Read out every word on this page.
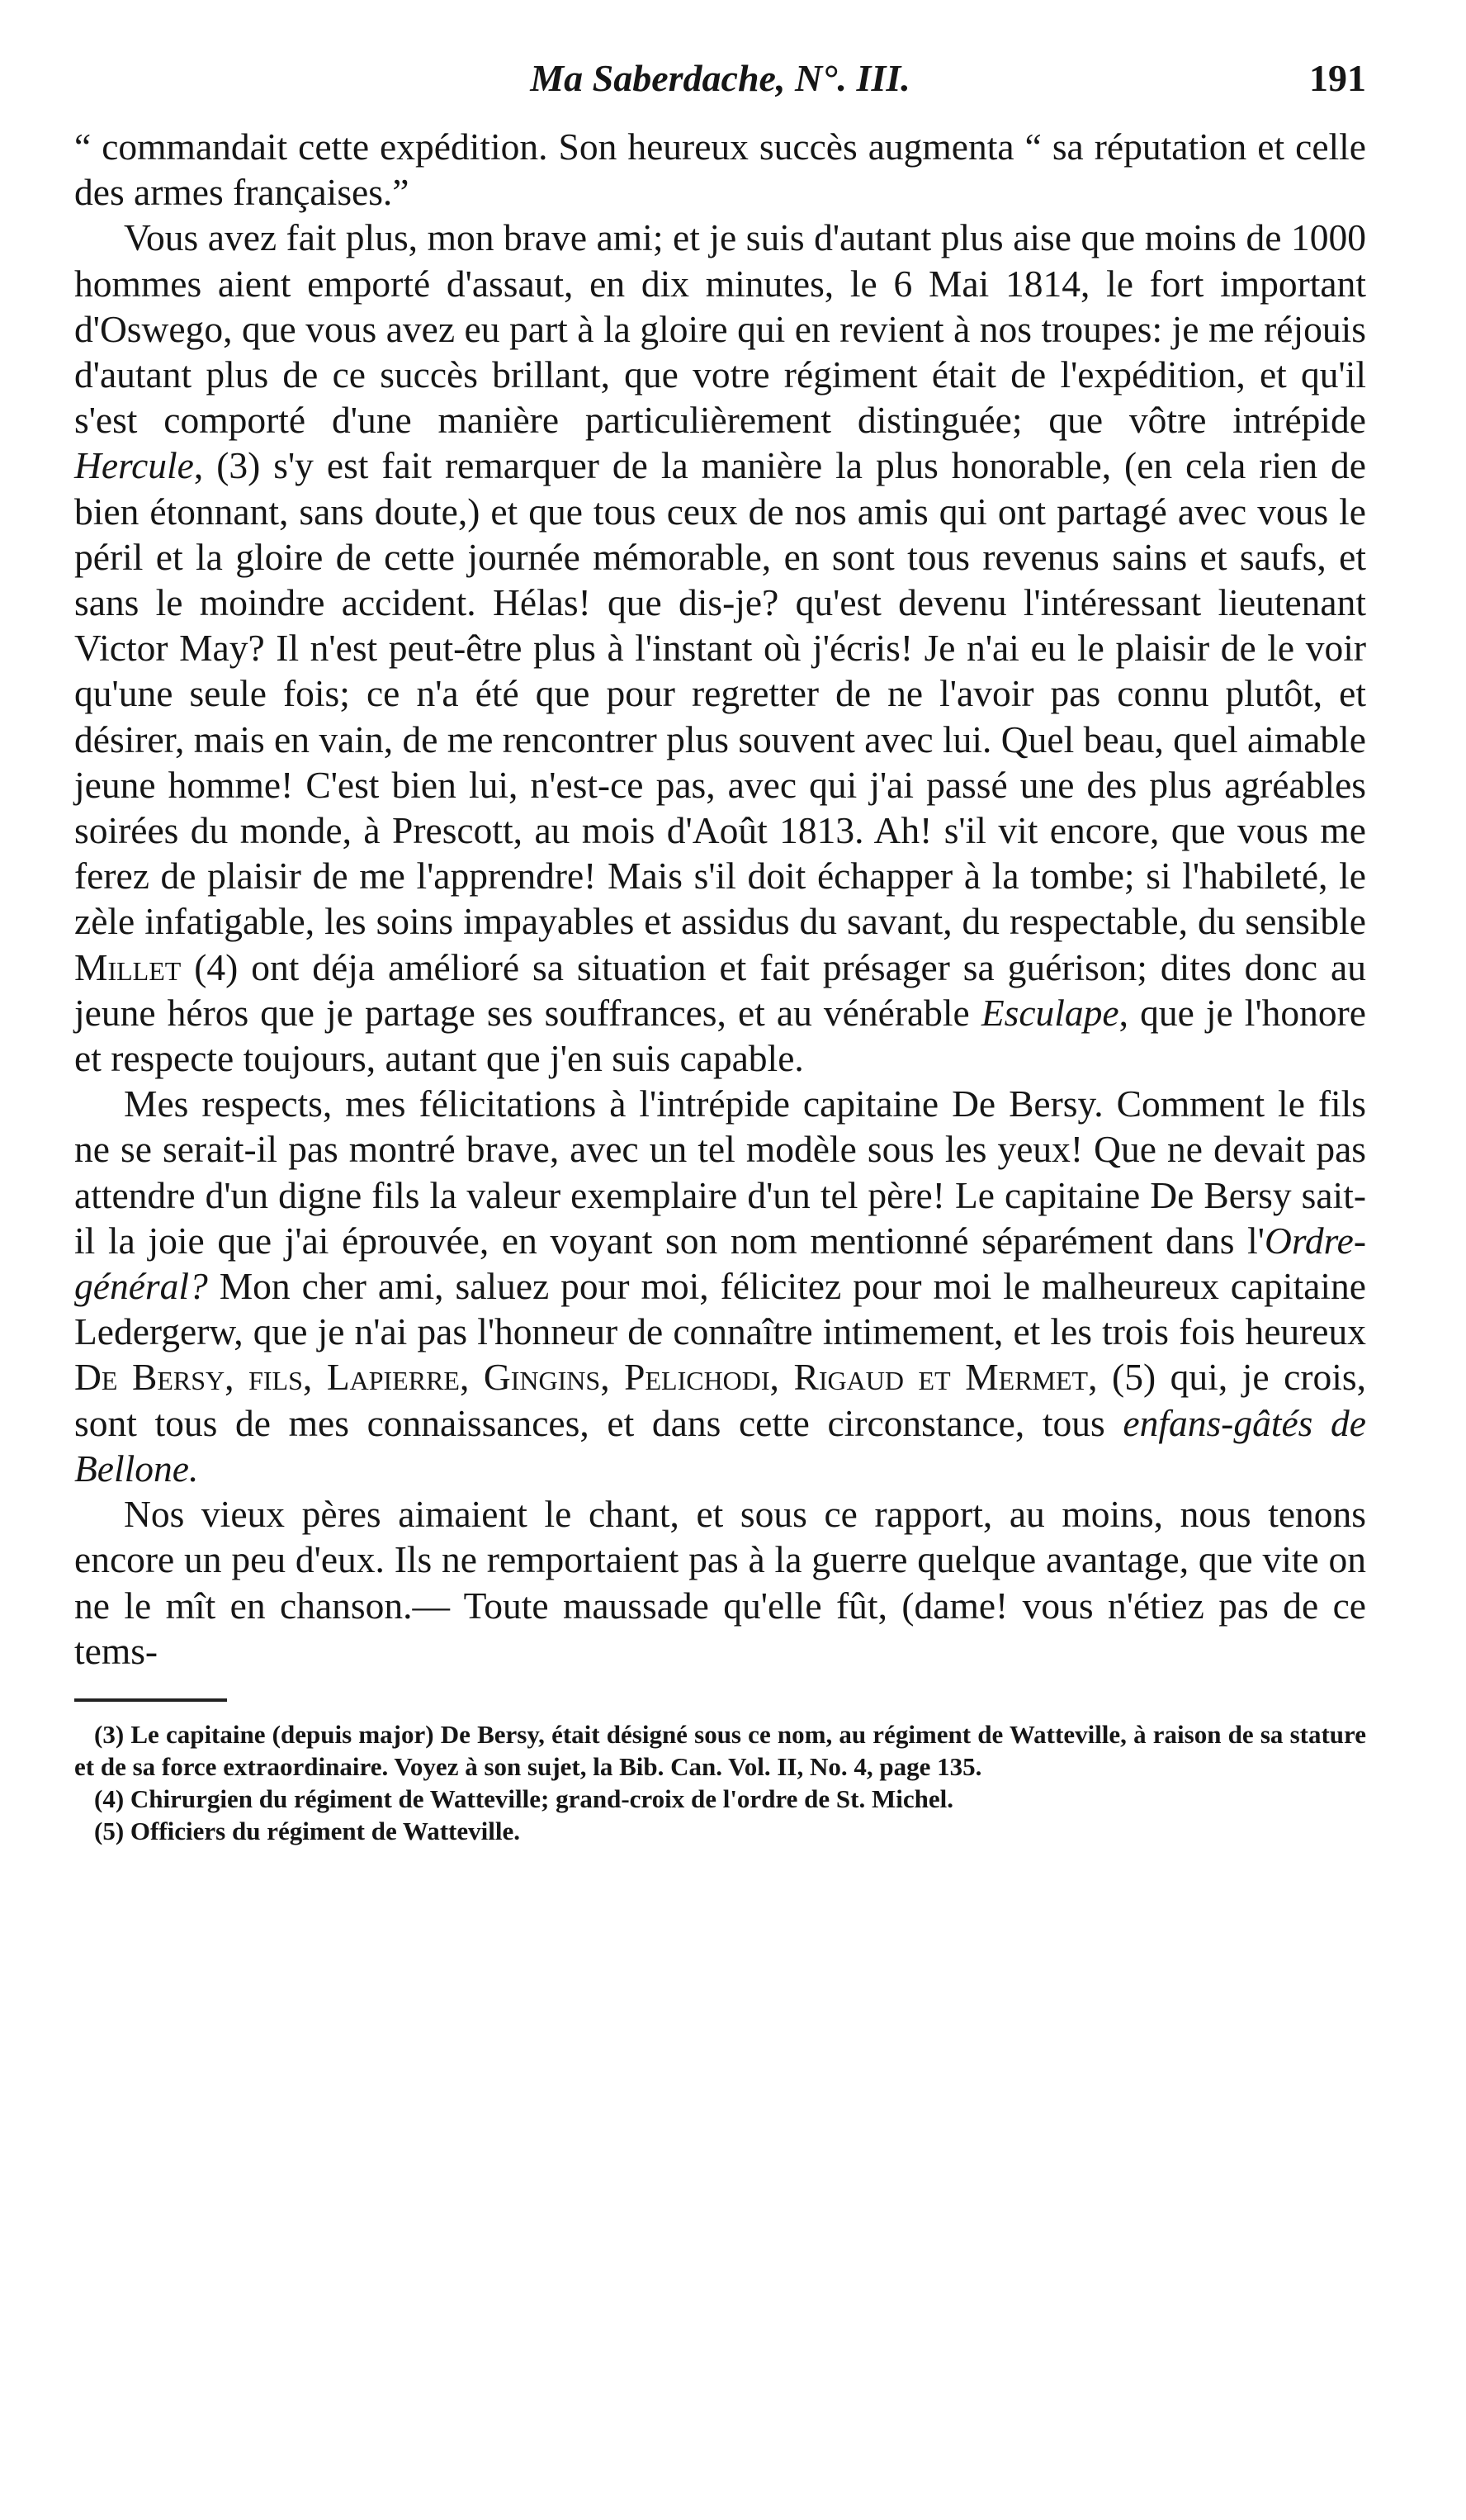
Ma Saberdache, N°. III.	191

“ commandait cette expédition. Son heureux succès augmenta “ sa réputation et celle des armes françaises.”

Vous avez fait plus, mon brave ami; et je suis d'autant plus aise que moins de 1000 hommes aient emporté d'assaut, en dix minutes, le 6 Mai 1814, le fort important d'Oswego, que vous avez eu part à la gloire qui en revient à nos troupes: je me réjouis d'autant plus de ce succès brillant, que votre régiment était de l'expédition, et qu'il s'est comporté d'une manière particulièrement distinguée; que vôtre intrépide Hercule, (3) s'y est fait remarquer de la manière la plus honorable, (en cela rien de bien étonnant, sans doute,) et que tous ceux de nos amis qui ont partagé avec vous le péril et la gloire de cette journée mémorable, en sont tous revenus sains et saufs, et sans le moindre accident. Hélas! que dis-je? qu'est devenu l'intéressant lieutenant Victor May? Il n'est peut-être plus à l'instant où j'écris! Je n'ai eu le plaisir de le voir qu'une seule fois; ce n'a été que pour regretter de ne l'avoir pas connu plutôt, et désirer, mais en vain, de me rencontrer plus souvent avec lui. Quel beau, quel aimable jeune homme! C'est bien lui, n'est-ce pas, avec qui j'ai passé une des plus agréables soirées du monde, à Prescott, au mois d'Août 1813. Ah! s'il vit encore, que vous me ferez de plaisir de me l'apprendre! Mais s'il doit échapper à la tombe; si l'habileté, le zèle infatigable, les soins impayables et assidus du savant, du respectable, du sensible Millet (4) ont déja amélioré sa situation et fait présager sa guérison; dites donc au jeune héros que je partage ses souffrances, et au vénérable Esculape, que je l'honore et respecte toujours, autant que j'en suis capable.

Mes respects, mes félicitations à l'intrépide capitaine De Bersy. Comment le fils ne se serait-il pas montré brave, avec un tel modèle sous les yeux! Que ne devait pas attendre d'un digne fils la valeur exemplaire d'un tel père! Le capitaine De Bersy sait-il la joie que j'ai éprouvée, en voyant son nom mentionné séparément dans l'Ordre-général? Mon cher ami, saluez pour moi, félicitez pour moi le malheureux capitaine Ledergerw, que je n'ai pas l'honneur de connaître intimement, et les trois fois heureux De Bersy, fils, Lapierre, Gingins, Pelichodi, Rigaud et Mermet, (5) qui, je crois, sont tous de mes connaissances, et dans cette circonstance, tous enfans-gâtés de Bellone.

Nos vieux pères aimaient le chant, et sous ce rapport, au moins, nous tenons encore un peu d'eux. Ils ne remportaient pas à la guerre quelque avantage, que vite on ne le mît en chanson.— Toute maussade qu'elle fût, (dame! vous n'étiez pas de ce tems-

(3) Le capitaine (depuis major) De Bersy, était désigné sous ce nom, au régiment de Watteville, à raison de sa stature et de sa force extraordinaire. Voyez à son sujet, la Bib. Can. Vol. II, No. 4, page 135.

(4) Chirurgien du régiment de Watteville; grand-croix de l'ordre de St. Michel.

(5) Officiers du régiment de Watteville.
